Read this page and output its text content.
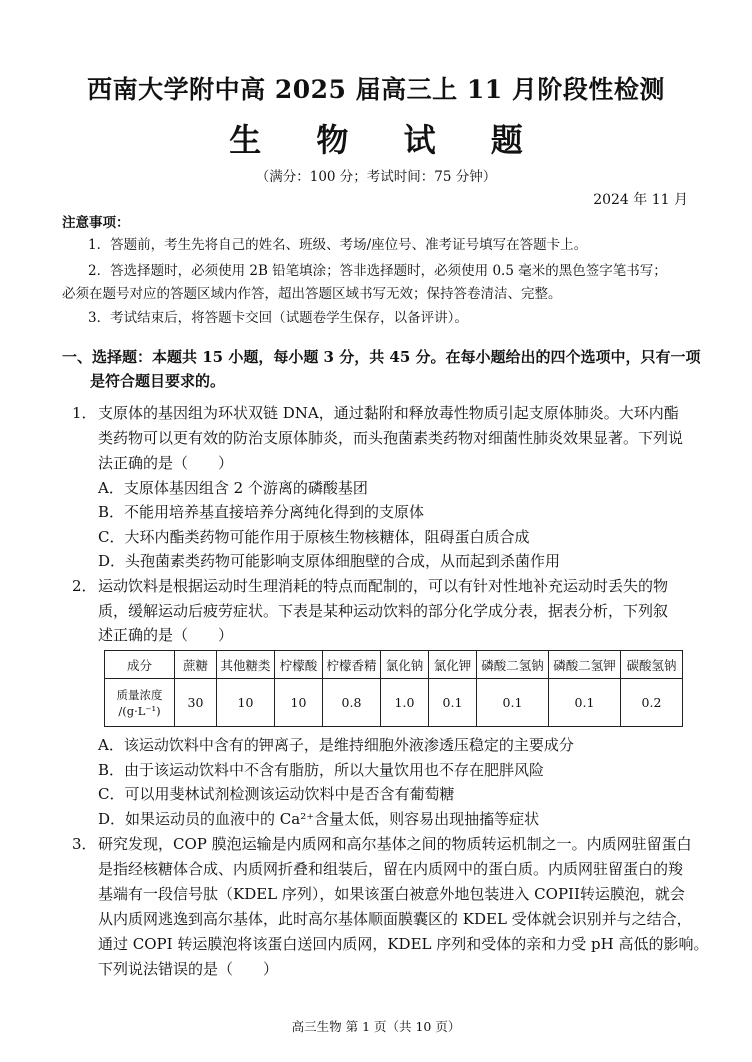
西南大学附中高 2025 届高三上 11 月阶段性检测
生 物 试 题
（满分：100 分；考试时间：75 分钟）
2024 年 11 月
注意事项：
1．答题前，考生先将自己的姓名、班级、考场/座位号、准考证号填写在答题卡上。
2．答选择题时，必须使用 2B 铅笔填涂；答非选择题时，必须使用 0.5 毫米的黑色签字笔书写；
必须在题号对应的答题区域内作答，超出答题区域书写无效；保持答卷清洁、完整。
3．考试结束后，将答题卡交回（试题卷学生保存，以备评讲）。
一、选择题：本题共 15 小题，每小题 3 分，共 45 分。在每小题给出的四个选项中，只有一项
是符合题目要求的。
1． 支原体的基因组为环状双链 DNA，通过黏附和释放毒性物质引起支原体肺炎。大环内酯
类药物可以更有效的防治支原体肺炎，而头孢菌素类药物对细菌性肺炎效果显著。下列说
法正确的是（　　）
A．支原体基因组含 2 个游离的磷酸基团
B．不能用培养基直接培养分离纯化得到的支原体
C．大环内酯类药物可能作用于原核生物核糖体，阻碍蛋白质合成
D．头孢菌素类药物可能影响支原体细胞壁的合成，从而起到杀菌作用
2． 运动饮料是根据运动时生理消耗的特点而配制的，可以有针对性地补充运动时丢失的物
质，缓解运动后疲劳症状。下表是某种运动饮料的部分化学成分表，据表分析，下列叙
述正确的是（　　）
成分	蔗糖	其他糖类	柠檬酸	柠檬香精	氯化钠	氯化钾	磷酸二氢钠	磷酸二氢钾	碳酸氢钠

质量浓度
/(g·L⁻¹)	30	10	10	0.8	1.0	0.1	0.1	0.1	0.2
A．该运动饮料中含有的钾离子，是维持细胞外液渗透压稳定的主要成分
B．由于该运动饮料中不含有脂肪，所以大量饮用也不存在肥胖风险
C．可以用斐林试剂检测该运动饮料中是否含有葡萄糖
D．如果运动员的血液中的 Ca²⁺含量太低，则容易出现抽搐等症状
3． 研究发现，COP 膜泡运输是内质网和高尔基体之间的物质转运机制之一。内质网驻留蛋白
是指经核糖体合成、内质网折叠和组装后，留在内质网中的蛋白质。内质网驻留蛋白的羧
基端有一段信号肽（KDEL 序列），如果该蛋白被意外地包装进入 COPII转运膜泡，就会
从内质网逃逸到高尔基体，此时高尔基体顺面膜囊区的 KDEL 受体就会识别并与之结合，
通过 COPI 转运膜泡将该蛋白送回内质网，KDEL 序列和受体的亲和力受 pH 高低的影响。
下列说法错误的是（　　）
高三生物 第 1 页（共 10 页）
